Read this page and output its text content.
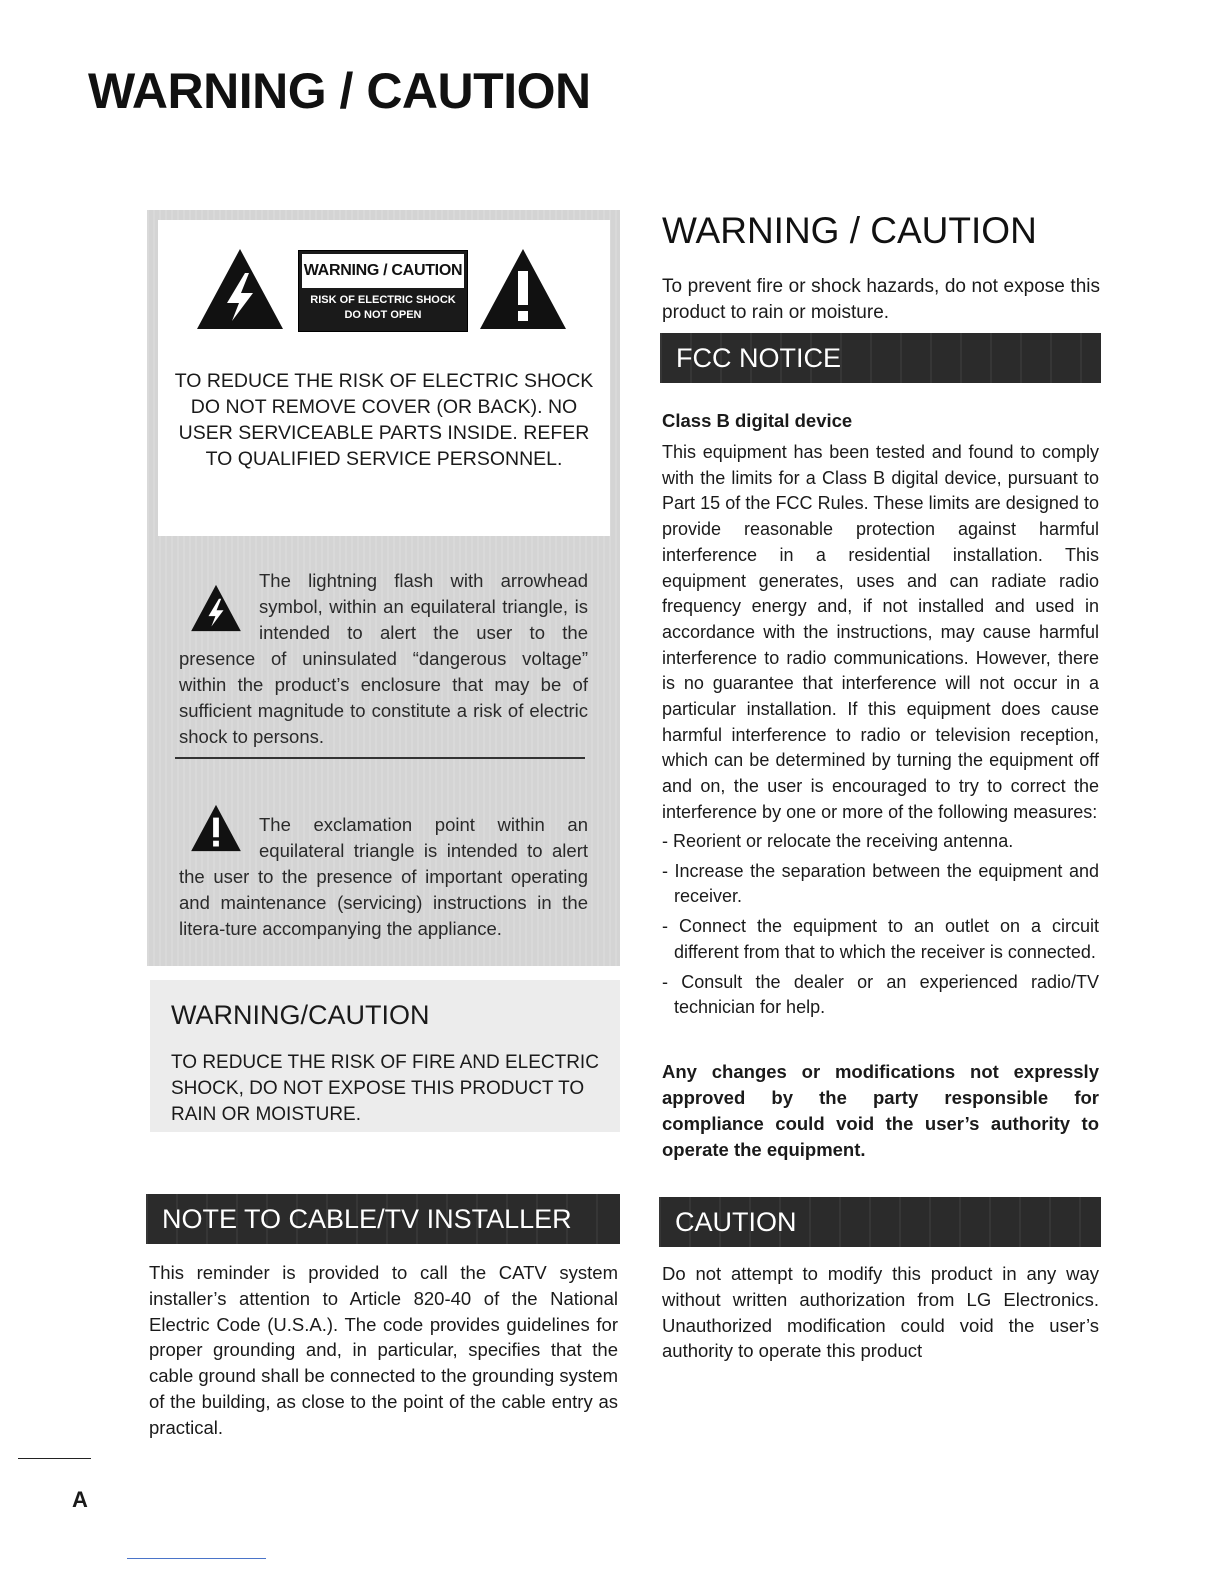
WARNING / CAUTION
WARNING / CAUTION
RISK OF ELECTRIC SHOCK
DO NOT OPEN
TO REDUCE THE RISK OF ELECTRIC SHOCK DO NOT REMOVE COVER (OR BACK). NO USER SERVICEABLE PARTS INSIDE. REFER TO QUALIFIED SERVICE PERSONNEL.
The lightning flash with arrowhead symbol, within an equilateral triangle, is intended to alert the user to the presence of uninsulated “dangerous voltage” within the product’s enclosure that may be of sufficient magnitude to constitute a risk of electric shock to persons.
The exclamation point within an equilateral triangle is intended to alert the user to the presence of important operating and maintenance (servicing) instructions in the litera-ture accompanying the appliance.
WARNING/CAUTION
TO REDUCE THE RISK OF FIRE AND ELECTRIC SHOCK, DO NOT EXPOSE THIS PRODUCT TO RAIN OR MOISTURE.
WARNING / CAUTION
To prevent fire or shock hazards, do not expose this product to rain or moisture.
FCC NOTICE
Class B digital device
This equipment has been tested and found to comply with the limits for a Class B digital device, pursuant to Part 15 of the FCC Rules. These limits are designed to provide reasonable protection against harmful interference in a residential installation. This equipment generates, uses and can radiate radio frequency energy and, if not installed and used in accordance with the instructions, may cause harmful interference to radio communications. However, there is no guarantee that interference will not occur in a particular installation. If this equipment does cause harmful interference to radio or television reception, which can be determined by turning the equipment off and on, the user is encouraged to try to correct the interference by one or more of the following measures:
- Reorient or relocate the receiving antenna.
- Increase the separation between the equipment and receiver.
- Connect the equipment to an outlet on a circuit different from that to which the receiver is connected.
- Consult the dealer or an experienced radio/TV technician for help.
Any changes or modifications not expressly approved by the party responsible for compliance could void the user’s authority to operate the equipment.
NOTE TO CABLE/TV INSTALLER
This reminder is provided to call the CATV system installer’s attention to Article 820-40 of the National Electric Code (U.S.A.). The code provides guidelines for proper grounding and, in particular, specifies that the cable ground shall be connected to the grounding system of the building, as close to the point of the cable entry as practical.
CAUTION
Do not attempt to modify this product in any way without written authorization from LG Electronics. Unauthorized modification could void the user’s authority to operate this product
A
